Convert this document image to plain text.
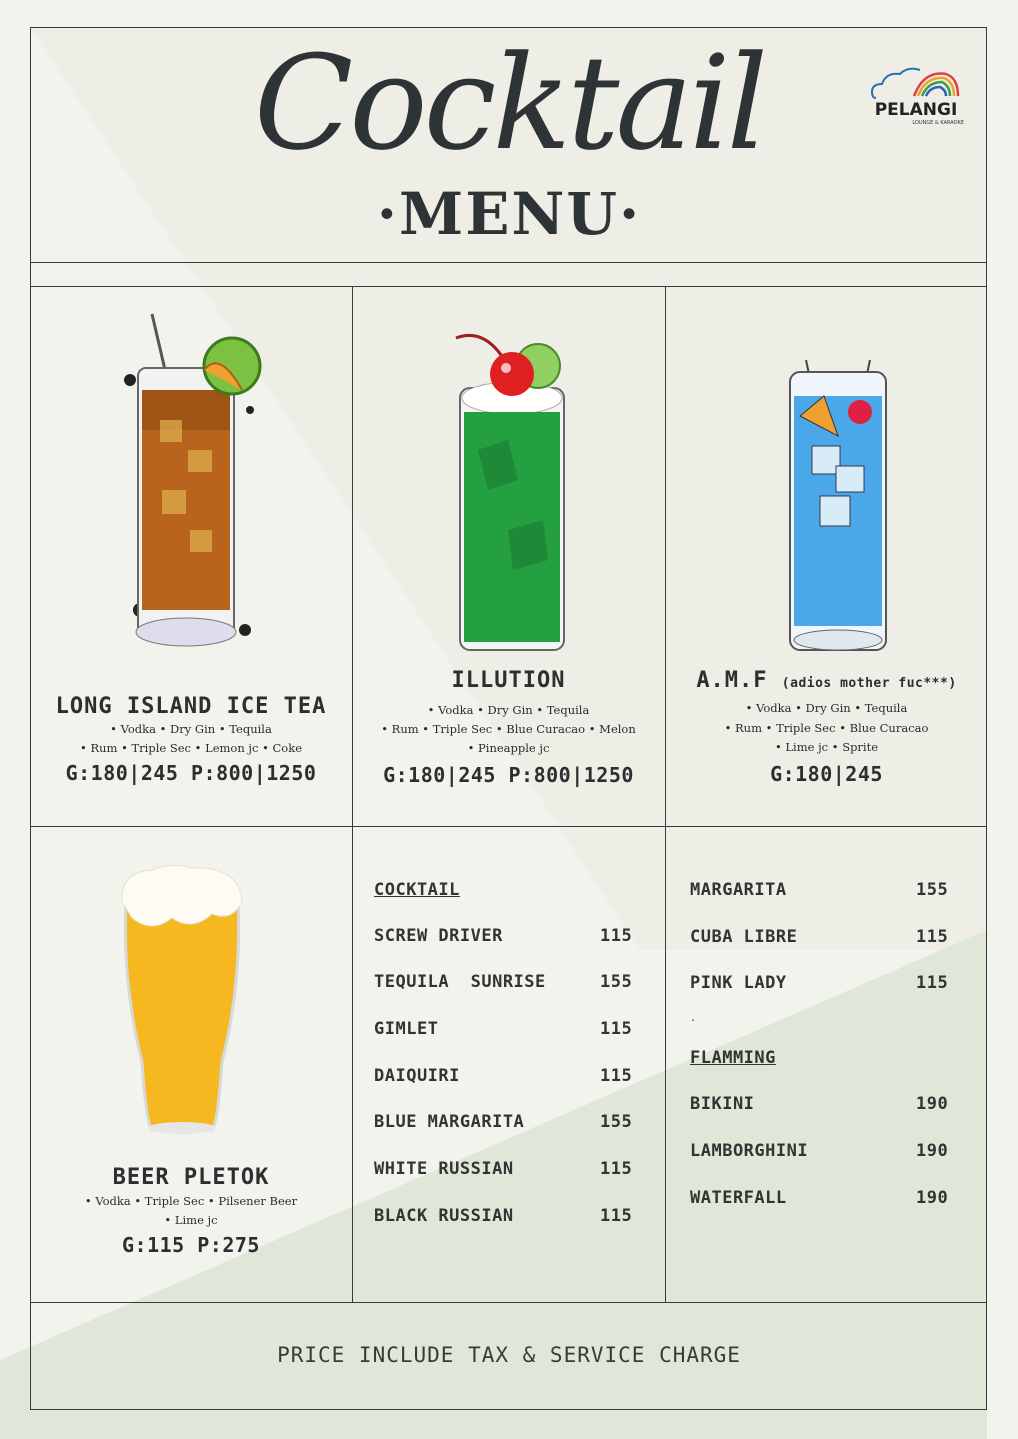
Cocktail
·MENU·
PELANGI
LOUNGE & KARAOKE
LONG ISLAND ICE TEA
• Vodka • Dry Gin • Tequila
• Rum • Triple Sec • Lemon jc • Coke
G:180|245 P:800|1250
ILLUTION
• Vodka • Dry Gin • Tequila
• Rum • Triple Sec • Blue Curacao • Melon
• Pineapple jc
G:180|245 P:800|1250
A.M.F (adios mother fuc***)
• Vodka • Dry Gin • Tequila
• Rum • Triple Sec • Blue Curacao
• Lime jc • Sprite
G:180|245
BEER PLETOK
• Vodka • Triple Sec • Pilsener Beer
• Lime jc
G:115 P:275
COCKTAIL
SCREW DRIVER	115
TEQUILA  SUNRISE	155
GIMLET	115
DAIQUIRI	115
BLUE MARGARITA	155
WHITE RUSSIAN	115
BLACK RUSSIAN	115
MARGARITA	155
CUBA LIBRE	115
PINK LADY	115
.
FLAMMING
BIKINI	190
LAMBORGHINI	190
WATERFALL	190
PRICE INCLUDE TAX & SERVICE CHARGE
